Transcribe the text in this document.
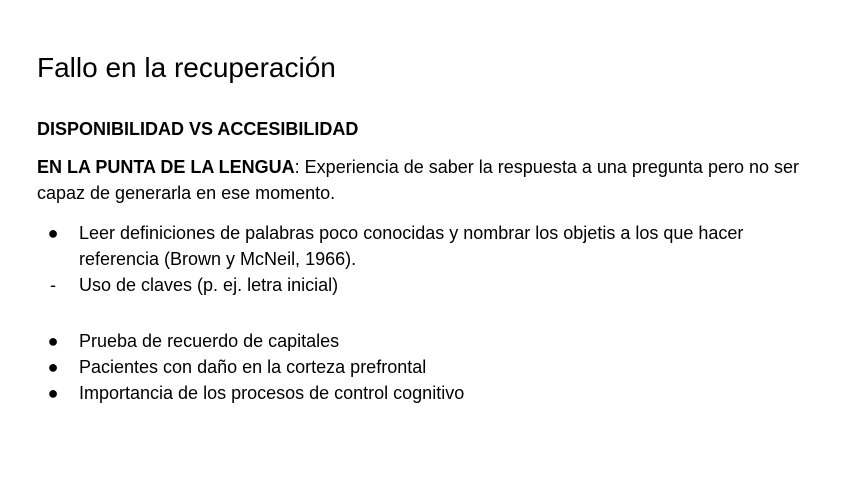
Fallo en la recuperación
DISPONIBILIDAD VS ACCESIBILIDAD
EN LA PUNTA DE LA LENGUA: Experiencia de saber la respuesta a una pregunta pero no ser capaz de generarla en ese momento.
● Leer definiciones de palabras poco conocidas y nombrar los objetis a los que hacer referencia (Brown y McNeil, 1966).
-	Uso de claves (p. ej. letra inicial)
● Prueba de recuerdo de capitales
● Pacientes con daño en la corteza prefrontal
● Importancia de los procesos de control cognitivo
